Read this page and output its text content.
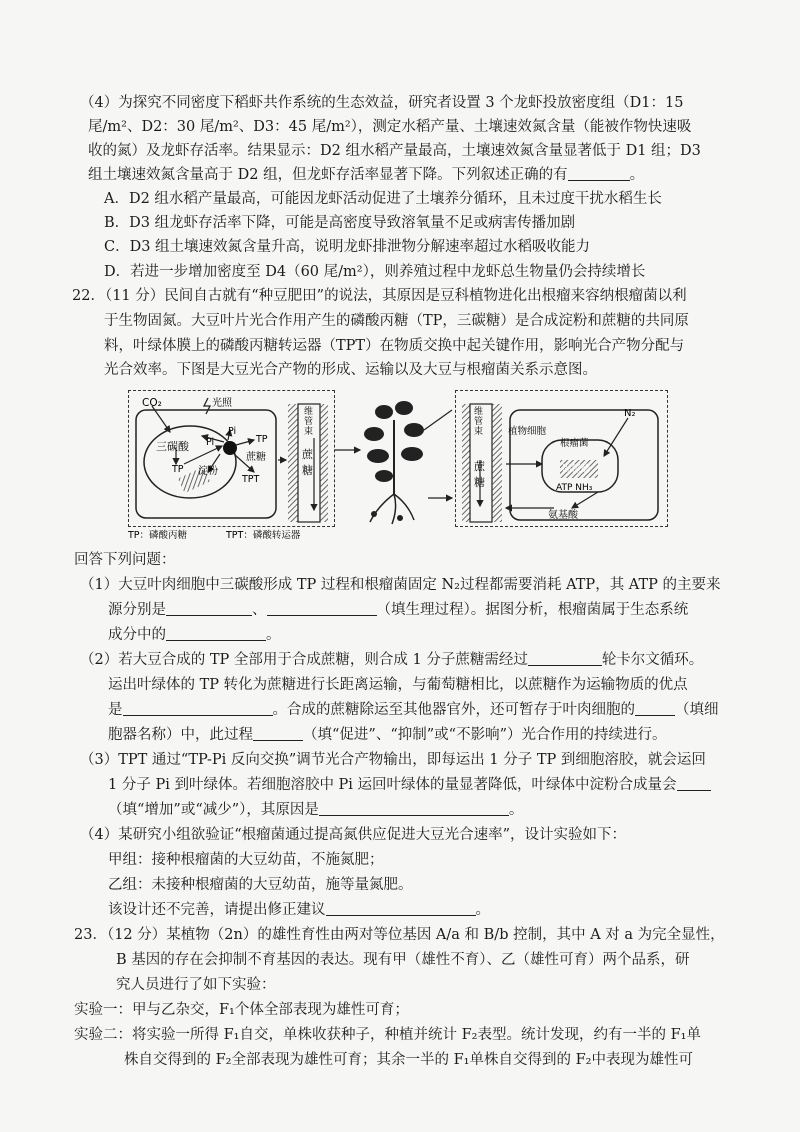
（4）为探究不同密度下稻虾共作系统的生态效益，研究者设置 3 个龙虾投放密度组（D1：15
尾/m²、D2：30 尾/m²、D3：45 尾/m²），测定水稻产量、土壤速效氮含量（能被作物快速吸
收的氮）及龙虾存活率。结果显示：D2 组水稻产量最高，土壤速效氮含量显著低于 D1 组；D3
组土壤速效氮含量高于 D2 组，但龙虾存活率显著下降。下列叙述正确的有	。
A．D2 组水稻产量最高，可能因龙虾活动促进了土壤养分循环，且未过度干扰水稻生长
B．D3 组龙虾存活率下降，可能是高密度导致溶氧量不足或病害传播加剧
C．D3 组土壤速效氮含量升高，说明龙虾排泄物分解速率超过水稻吸收能力
D．若进一步增加密度至 D4（60 尾/m²），则养殖过程中龙虾总生物量仍会持续增长
22．（11 分）民间自古就有“种豆肥田”的说法，其原因是豆科植物进化出根瘤来容纳根瘤菌以利
于生物固氮。大豆叶片光合作用产生的磷酸丙糖（TP，三碳糖）是合成淀粉和蔗糖的共同原
料，叶绿体膜上的磷酸丙糖转运器（TPT）在物质交换中起关键作用，影响光合产物分配与
光合效率。下图是大豆光合产物的形成、运输以及大豆与根瘤菌关系示意图。
CO₂	光照
Pi
Pi
TP
三碳酸
TP
蔗糖
TPT
淀粉
维
管
束
蔗
糖
维
管
束
蔗
糖
植物细胞
根瘤菌
N₂
固氮酶
ATP NH₃
氨基酸
TP：磷酸丙糖	TPT：磷酸转运器
回答下列问题：
（1）大豆叶肉细胞中三碳酸形成 TP 过程和根瘤菌固定 N₂过程都需要消耗 ATP，其 ATP 的主要来
源分别是	、	（填生理过程）。据图分析，根瘤菌属于生态系统
成分中的	。
（2）若大豆合成的 TP 全部用于合成蔗糖，则合成 1 分子蔗糖需经过	轮卡尔文循环。
运出叶绿体的 TP 转化为蔗糖进行长距离运输，与葡萄糖相比，以蔗糖作为运输物质的优点
是	。合成的蔗糖除运至其他器官外，还可暂存于叶肉细胞的	（填细
胞器名称）中，此过程	（填“促进”、“抑制”或“不影响”）光合作用的持续进行。
（3）TPT 通过“TP-Pi 反向交换”调节光合产物输出，即每运出 1 分子 TP 到细胞溶胶，就会运回
1 分子 Pi 到叶绿体。若细胞溶胶中 Pi 运回叶绿体的量显著降低，叶绿体中淀粉合成量会
（填“增加”或“减少”），其原因是	。
（4）某研究小组欲验证“根瘤菌通过提高氮供应促进大豆光合速率”，设计实验如下：
甲组：接种根瘤菌的大豆幼苗，不施氮肥；
乙组：未接种根瘤菌的大豆幼苗，施等量氮肥。
该设计还不完善，请提出修正建议	。
23．（12 分）某植物（2n）的雄性育性由两对等位基因 A/a 和 B/b 控制，其中 A 对 a 为完全显性，
B 基因的存在会抑制不育基因的表达。现有甲（雄性不育）、乙（雄性可育）两个品系，研
究人员进行了如下实验：
实验一：甲与乙杂交，F₁个体全部表现为雄性可育；
实验二：将实验一所得 F₁自交，单株收获种子，种植并统计 F₂表型。统计发现，约有一半的 F₁单
株自交得到的 F₂全部表现为雄性可育；其余一半的 F₁单株自交得到的 F₂中表现为雄性可
